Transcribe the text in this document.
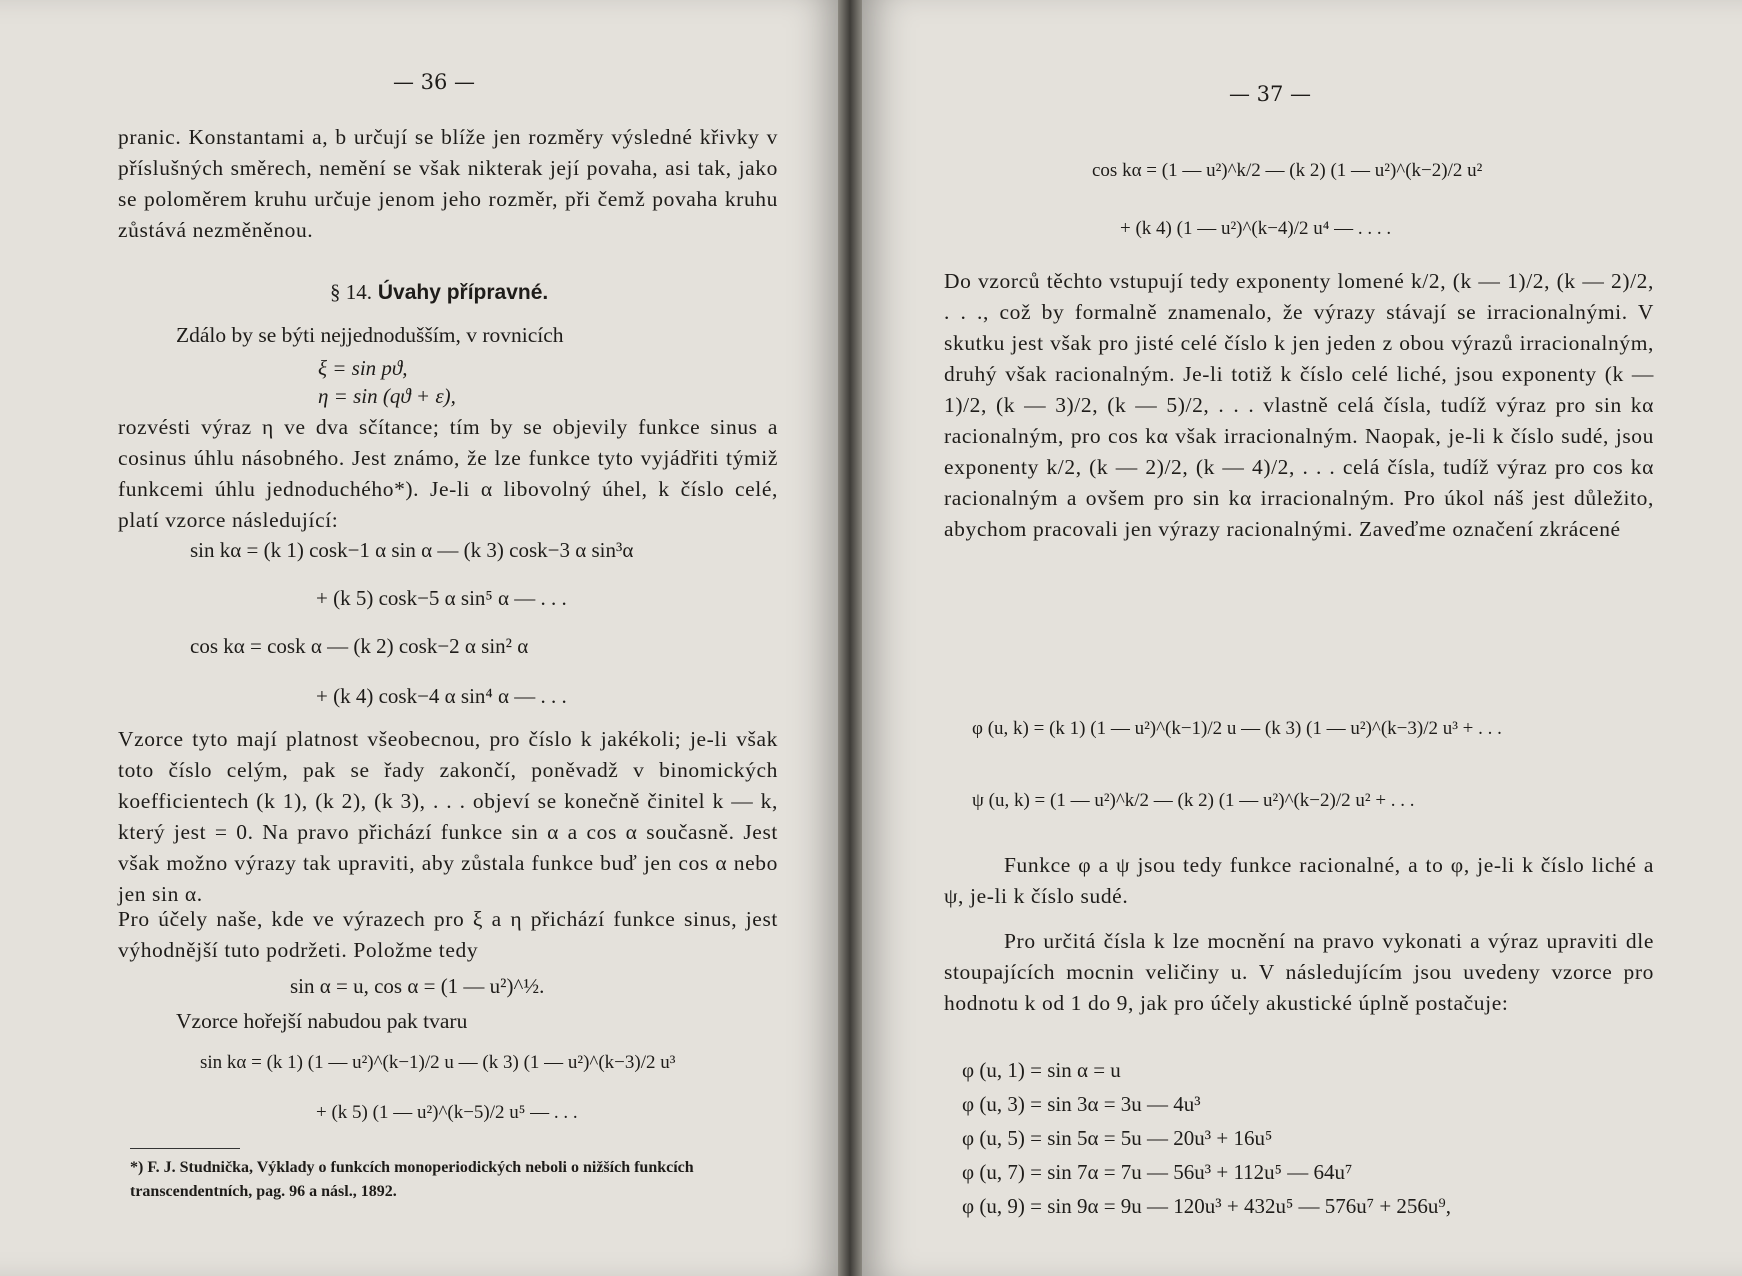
— 36 —
pranic. Konstantami a, b určují se blíže jen rozměry výsledné křivky v příslušných směrech, nemění se však nikterak její povaha, asi tak, jako se poloměrem kruhu určuje jenom jeho rozměr, při čemž povaha kruhu zůstává nezměněnou.
§ 14. Úvahy přípravné.
Zdálo by se býti nejjednodušším, v rovnicích
ξ = sin pϑ,
η = sin (qϑ + ε),
rozvésti výraz η ve dva sčítance; tím by se objevily funkce sinus a cosinus úhlu násobného. Jest známo, že lze funkce tyto vyjádřiti týmiž funkcemi úhlu jednoduchého*). Je-li α libovolný úhel, k číslo celé, platí vzorce následující:
sin kα = (k 1) cosk−1 α sin α — (k 3) cosk−3 α sin³α
+ (k 5) cosk−5 α sin⁵ α — . . .
cos kα = cosk α — (k 2) cosk−2 α sin² α
+ (k 4) cosk−4 α sin⁴ α — . . .
Vzorce tyto mají platnost všeobecnou, pro číslo k jakékoli; je-li však toto číslo celým, pak se řady zakončí, poněvadž v binomických koefficientech (k 1), (k 2), (k 3), . . . objeví se konečně činitel k — k, který jest = 0. Na pravo přichází funkce sin α a cos α současně. Jest však možno výrazy tak upraviti, aby zůstala funkce buď jen cos α nebo jen sin α.
Pro účely naše, kde ve výrazech pro ξ a η přichází funkce sinus, jest výhodnější tuto podržeti. Položme tedy
sin α = u, cos α = (1 — u²)^½.
Vzorce hořejší nabudou pak tvaru
sin kα = (k 1) (1 — u²)^(k−1)/2 u — (k 3) (1 — u²)^(k−3)/2 u³
+ (k 5) (1 — u²)^(k−5)/2 u⁵ — . . .
*) F. J. Studnička, Výklady o funkcích monoperiodických neboli o nižších funkcích transcendentních, pag. 96 a násl., 1892.
— 37 —
cos kα = (1 — u²)^k/2 — (k 2) (1 — u²)^(k−2)/2 u²
+ (k 4) (1 — u²)^(k−4)/2 u⁴ — . . . .
Do vzorců těchto vstupují tedy exponenty lomené k/2, (k — 1)/2, (k — 2)/2, . . ., což by formalně znamenalo, že výrazy stávají se irracionalnými. V skutku jest však pro jisté celé číslo k jen jeden z obou výrazů irracionalným, druhý však racionalným. Je-li totiž k číslo celé liché, jsou exponenty (k — 1)/2, (k — 3)/2, (k — 5)/2, . . . vlastně celá čísla, tudíž výraz pro sin kα racionalným, pro cos kα však irracionalným. Naopak, je-li k číslo sudé, jsou exponenty k/2, (k — 2)/2, (k — 4)/2, . . . celá čísla, tudíž výraz pro cos kα racionalným a ovšem pro sin kα irracionalným. Pro úkol náš jest důležito, abychom pracovali jen výrazy racionalnými. Zaveďme označení zkrácené
φ (u, k) = (k 1) (1 — u²)^(k−1)/2 u — (k 3) (1 — u²)^(k−3)/2 u³ + . . .
ψ (u, k) = (1 — u²)^k/2 — (k 2) (1 — u²)^(k−2)/2 u² + . . .
Funkce φ a ψ jsou tedy funkce racionalné, a to φ, je-li k číslo liché a ψ, je-li k číslo sudé.
Pro určitá čísla k lze mocnění na pravo vykonati a výraz upraviti dle stoupajících mocnin veličiny u. V následujícím jsou uvedeny vzorce pro hodnotu k od 1 do 9, jak pro účely akustické úplně postačuje:
φ (u, 1) = sin α = u
φ (u, 3) = sin 3α = 3u — 4u³
φ (u, 5) = sin 5α = 5u — 20u³ + 16u⁵
φ (u, 7) = sin 7α = 7u — 56u³ + 112u⁵ — 64u⁷
φ (u, 9) = sin 9α = 9u — 120u³ + 432u⁵ — 576u⁷ + 256u⁹,
